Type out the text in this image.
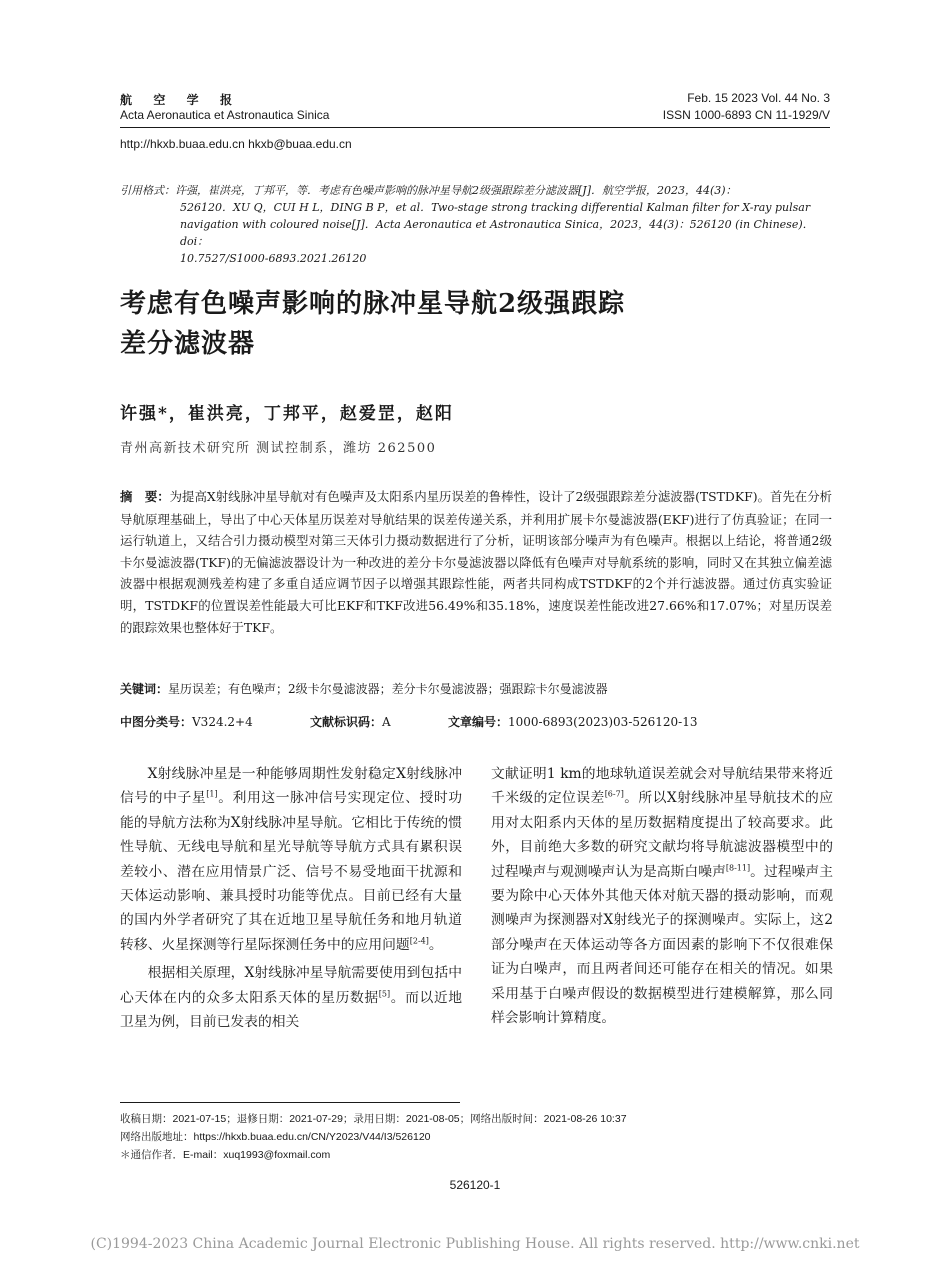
航 空 学 报
Acta Aeronautica et Astronautica Sinica
Feb. 15 2023 Vol. 44 No. 3
ISSN 1000-6893 CN 11-1929/V
http://hkxb.buaa.edu.cn hkxb@buaa.edu.cn
引用格式：许强，崔洪亮，丁邦平，等．考虑有色噪声影响的脉冲星导航2级强跟踪差分滤波器[J]．航空学报，2023，44(3)：
526120．XU Q，CUI H L，DING B P，et al．Two-stage strong tracking differential Kalman filter for X-ray pulsar
navigation with coloured noise[J]．Acta Aeronautica et Astronautica Sinica，2023，44(3)：526120 (in Chinese)．doi：
10.7527/S1000-6893.2021.26120
考虑有色噪声影响的脉冲星导航2级强跟踪
差分滤波器
许强*，崔洪亮，丁邦平，赵爱罡，赵阳
青州高新技术研究所 测试控制系，潍坊 262500
摘　要：为提高X射线脉冲星导航对有色噪声及太阳系内星历误差的鲁棒性，设计了2级强跟踪差分滤波器(TSTDKF)。首先在分析导航原理基础上，导出了中心天体星历误差对导航结果的误差传递关系，并利用扩展卡尔曼滤波器(EKF)进行了仿真验证；在同一运行轨道上，又结合引力摄动模型对第三天体引力摄动数据进行了分析，证明该部分噪声为有色噪声。根据以上结论，将普通2级卡尔曼滤波器(TKF)的无偏滤波器设计为一种改进的差分卡尔曼滤波器以降低有色噪声对导航系统的影响，同时又在其独立偏差滤波器中根据观测残差构建了多重自适应调节因子以增强其跟踪性能，两者共同构成TSTDKF的2个并行滤波器。通过仿真实验证明，TSTDKF的位置误差性能最大可比EKF和TKF改进56.49%和35.18%，速度误差性能改进27.66%和17.07%；对星历误差的跟踪效果也整体好于TKF。
关键词：星历误差；有色噪声；2级卡尔曼滤波器；差分卡尔曼滤波器；强跟踪卡尔曼滤波器
中图分类号：V324.2+4	文献标识码：A	文章编号：1000-6893(2023)03-526120-13

X射线脉冲星是一种能够周期性发射稳定X射线脉冲信号的中子星[1]。利用这一脉冲信号实现定位、授时功能的导航方法称为X射线脉冲星导航。它相比于传统的惯性导航、无线电导航和星光导航等导航方式具有累积误差较小、潜在应用情景广泛、信号不易受地面干扰源和天体运动影响、兼具授时功能等优点。目前已经有大量的国内外学者研究了其在近地卫星导航任务和地月轨道转移、火星探测等行星际探测任务中的应用问题[2-4]。

根据相关原理，X射线脉冲星导航需要使用到包括中心天体在内的众多太阳系天体的星历数据[5]。而以近地卫星为例，目前已发表的相关

文献证明1 km的地球轨道误差就会对导航结果带来将近千米级的定位误差[6-7]。所以X射线脉冲星导航技术的应用对太阳系内天体的星历数据精度提出了较高要求。此外，目前绝大多数的研究文献均将导航滤波器模型中的过程噪声与观测噪声认为是高斯白噪声[8-11]。过程噪声主要为除中心天体外其他天体对航天器的摄动影响，而观测噪声为探测器对X射线光子的探测噪声。实际上，这2部分噪声在天体运动等各方面因素的影响下不仅很难保证为白噪声，而且两者间还可能存在相关的情况。如果采用基于白噪声假设的数据模型进行建模解算，那么同样会影响计算精度。

收稿日期：2021-07-15；退修日期：2021-07-29；录用日期：2021-08-05；网络出版时间：2021-08-26 10:37
网络出版地址：https://hkxb.buaa.edu.cn/CN/Y2023/V44/I3/526120
＊通信作者．E-mail：xuq1993@foxmail.com
526120-1
(C)1994-2023 China Academic Journal Electronic Publishing House. All rights reserved. http://www.cnki.net
